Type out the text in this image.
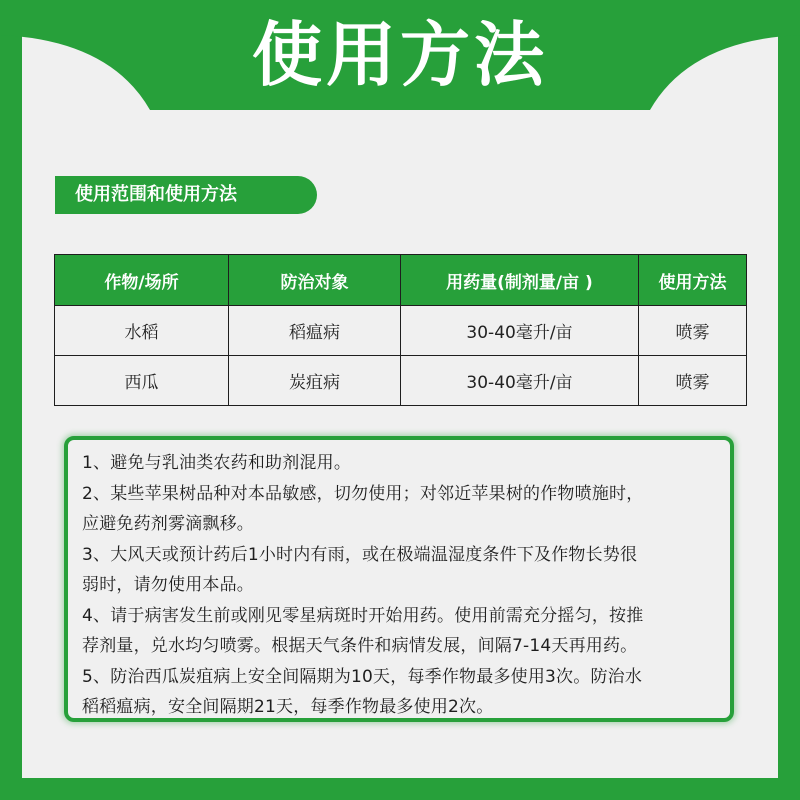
使用方法
使用范围和使用方法
作物/场所	防治对象	用药量(制剂量/亩 )	使用方法
水稻	稻瘟病	30-40毫升/亩	喷雾
西瓜	炭疽病	30-40毫升/亩	喷雾
1、避免与乳油类农药和助剂混用。
2、某些苹果树品种对本品敏感，切勿使用；对邻近苹果树的作物喷施时，
应避免药剂雾滴飘移。
3、大风天或预计药后1小时内有雨，或在极端温湿度条件下及作物长势很
弱时，请勿使用本品。
4、请于病害发生前或刚见零星病斑时开始用药。使用前需充分摇匀，按推
荐剂量，兑水均匀喷雾。根据天气条件和病情发展，间隔7-14天再用药。
5、防治西瓜炭疽病上安全间隔期为10天，每季作物最多使用3次。防治水
稻稻瘟病，安全间隔期21天，每季作物最多使用2次。
